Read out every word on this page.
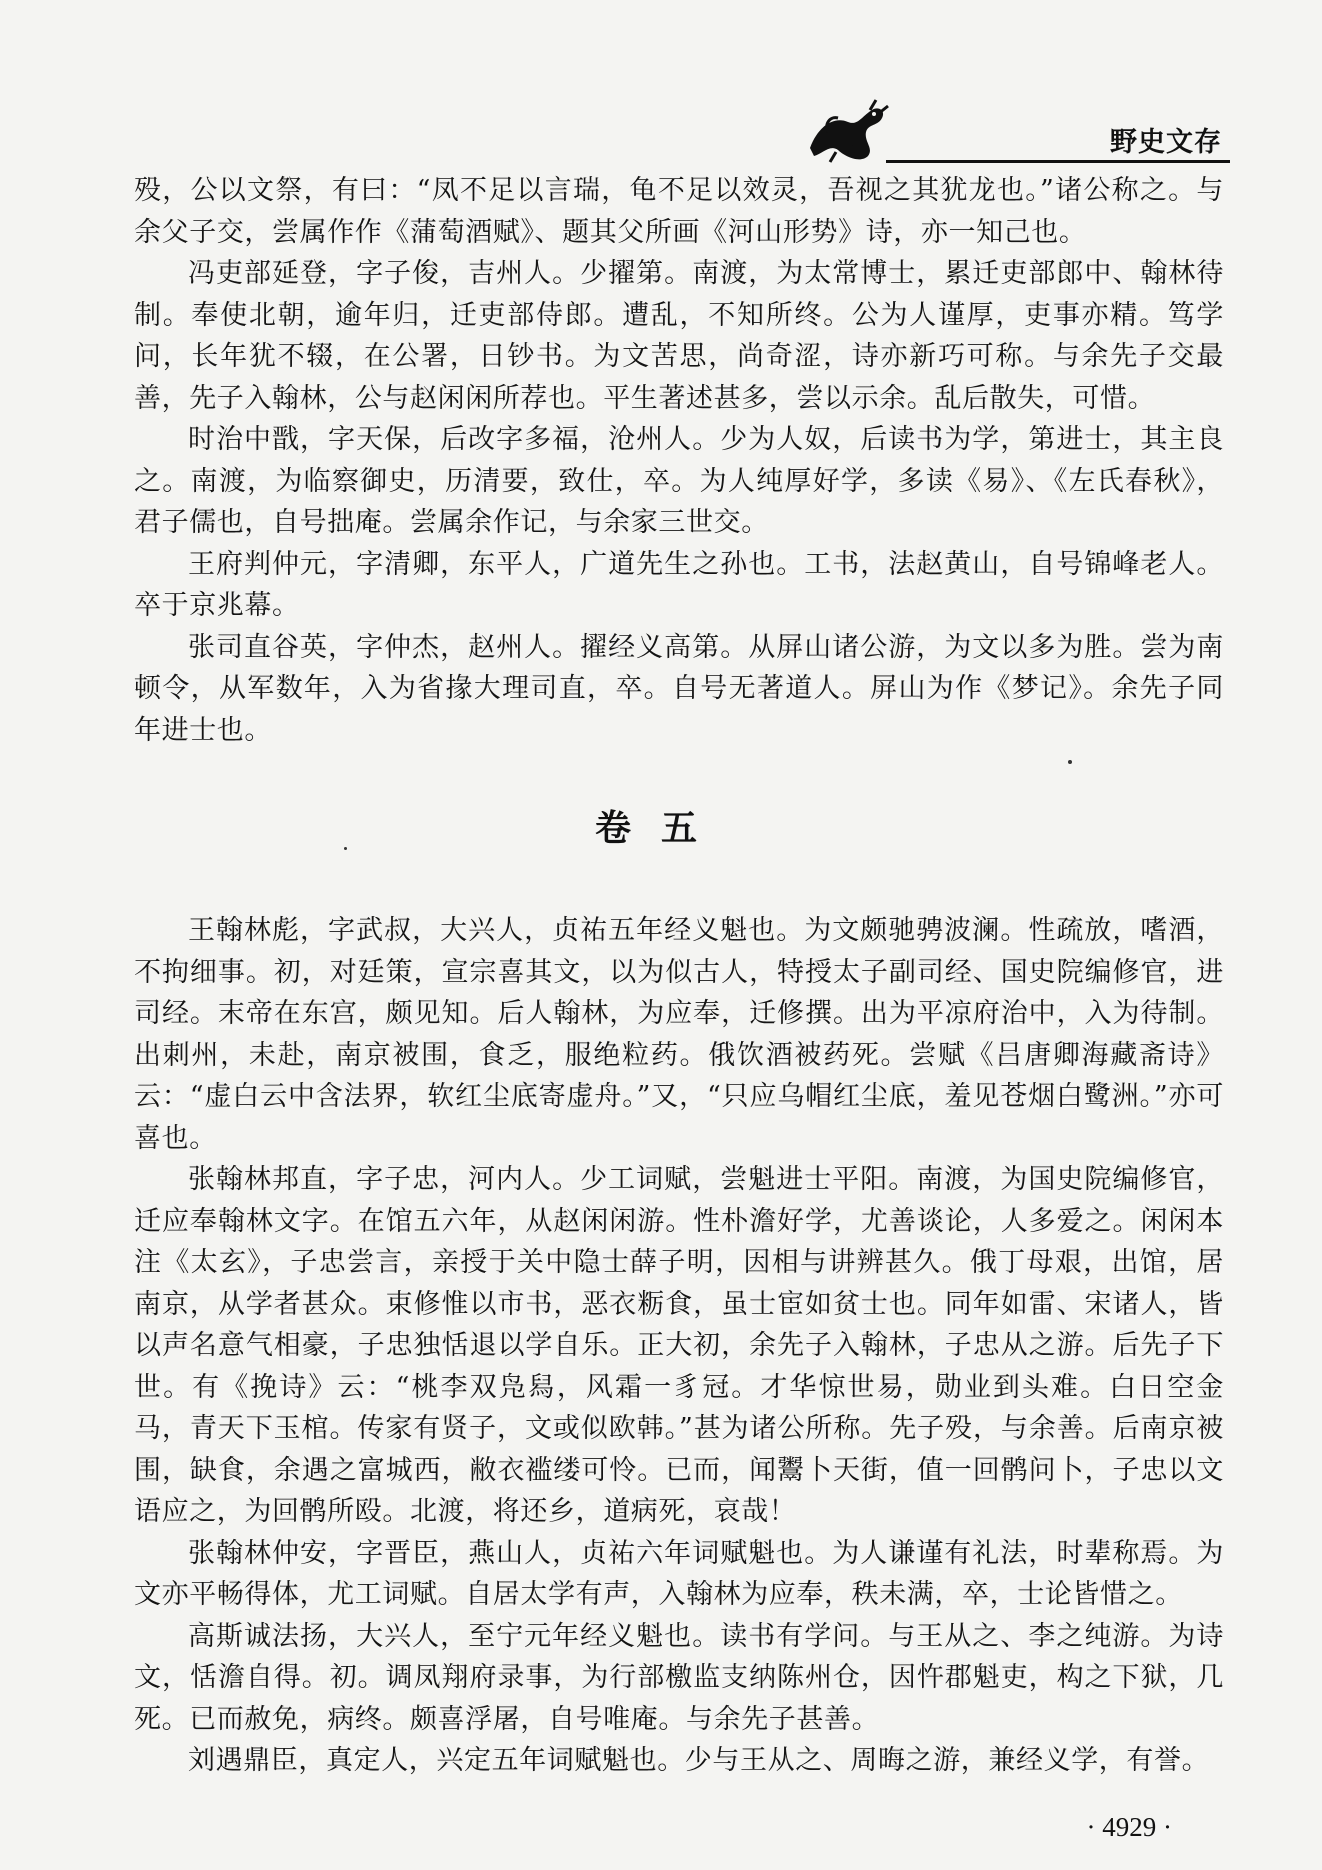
野史文存

殁，公以文祭，有曰：“凤不足以言瑞，龟不足以效灵，吾视之其犹龙也。”诸公称之。与余父子交，尝属作作《蒲萄酒赋》、题其父所画《河山形势》诗，亦一知己也。

冯吏部延登，字子俊，吉州人。少擢第。南渡，为太常博士，累迁吏部郎中、翰林待制。奉使北朝，逾年归，迁吏部侍郎。遭乱，不知所终。公为人谨厚，吏事亦精。笃学问，长年犹不辍，在公署，日钞书。为文苦思，尚奇涩，诗亦新巧可称。与余先子交最善，先子入翰林，公与赵闲闲所荐也。平生著述甚多，尝以示余。乱后散失，可惜。

时治中戬，字天保，后改字多福，沧州人。少为人奴，后读书为学，第进士，其主良之。南渡，为临察御史，历清要，致仕，卒。为人纯厚好学，多读《易》、《左氏春秋》，君子儒也，自号拙庵。尝属余作记，与余家三世交。

王府判仲元，字清卿，东平人，广道先生之孙也。工书，法赵黄山，自号锦峰老人。卒于京兆幕。

张司直谷英，字仲杰，赵州人。擢经义高第。从屏山诸公游，为文以多为胜。尝为南顿令，从军数年，入为省掾大理司直，卒。自号无著道人。屏山为作《梦记》。余先子同年进士也。

卷五

王翰林彪，字武叔，大兴人，贞祐五年经义魁也。为文颇驰骋波澜。性疏放，嗜酒，不拘细事。初，对廷策，宣宗喜其文，以为似古人，特授太子副司经、国史院编修官，进司经。末帝在东宫，颇见知。后人翰林，为应奉，迁修撰。出为平凉府治中，入为待制。出刺州，未赴，南京被围，食乏，服绝粒药。俄饮酒被药死。尝赋《吕唐卿海藏斋诗》云：“虚白云中含法界，软红尘底寄虚舟。”又，“只应乌帽红尘底，羞见苍烟白鹭洲。”亦可喜也。

张翰林邦直，字子忠，河内人。少工词赋，尝魁进士平阳。南渡，为国史院编修官，迁应奉翰林文字。在馆五六年，从赵闲闲游。性朴澹好学，尤善谈论，人多爱之。闲闲本注《太玄》，子忠尝言，亲授于关中隐士薛子明，因相与讲辨甚久。俄丁母艰，出馆，居南京，从学者甚众。束修惟以市书，恶衣粝食，虽士宦如贫士也。同年如雷、宋诸人，皆以声名意气相豪，子忠独恬退以学自乐。正大初，余先子入翰林，子忠从之游。后先子下世。有《挽诗》云：“桃李双凫舄，风霜一豸冠。才华惊世易，勋业到头难。白日空金马，青天下玉棺。传家有贤子，文或似欧韩。”甚为诸公所称。先子殁，与余善。后南京被围，缺食，余遇之富城西，敝衣褴缕可怜。已而，闻鬻卜天街，值一回鹘问卜，子忠以文语应之，为回鹘所殴。北渡，将还乡，道病死，哀哉！

张翰林仲安，字晋臣，燕山人，贞祐六年词赋魁也。为人谦谨有礼法，时辈称焉。为文亦平畅得体，尤工词赋。自居太学有声，入翰林为应奉，秩未满，卒，士论皆惜之。

高斯诚法扬，大兴人，至宁元年经义魁也。读书有学问。与王从之、李之纯游。为诗文，恬澹自得。初。调凤翔府录事，为行部檄监支纳陈州仓，因忤郡魁吏，构之下狱，几死。已而赦免，病终。颇喜浮屠，自号唯庵。与余先子甚善。

刘遇鼎臣，真定人，兴定五年词赋魁也。少与王从之、周晦之游，兼经义学，有誉。

· 4929 ·
